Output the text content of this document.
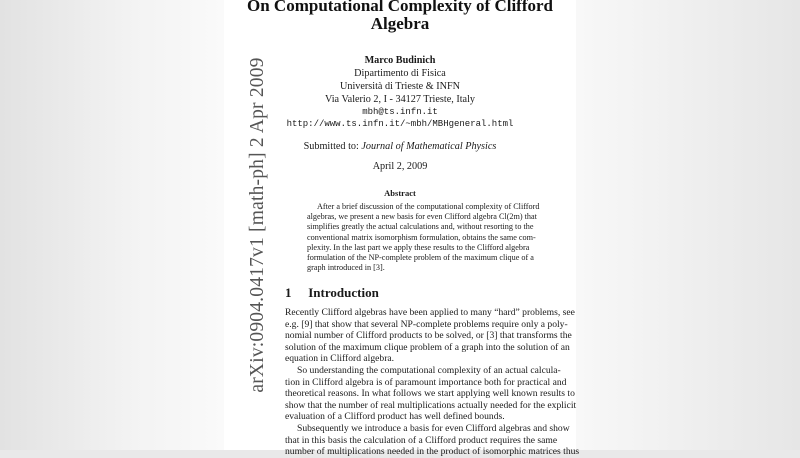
arXiv:0904.0417v1 [math-ph] 2 Apr 2009
On Computational Complexity of Clifford
Algebra
Marco Budinich
Dipartimento di Fisica
Università di Trieste & INFN
Via Valerio 2, I - 34127 Trieste, Italy
mbh@ts.infn.it
http://www.ts.infn.it/~mbh/MBHgeneral.html
Submitted to: Journal of Mathematical Physics
April 2, 2009
Abstract
After a brief discussion of the computational complexity of Clifford
algebras, we present a new basis for even Clifford algebra Cl(2m) that
simplifies greatly the actual calculations and, without resorting to the
conventional matrix isomorphism formulation, obtains the same com-
plexity. In the last part we apply these results to the Clifford algebra
formulation of the NP-complete problem of the maximum clique of a
graph introduced in [3].
1 Introduction
Recently Clifford algebras have been applied to many “hard” problems, see
e.g. [9] that show that several NP-complete problems require only a poly-
nomial number of Clifford products to be solved, or [3] that transforms the
solution of the maximum clique problem of a graph into the solution of an
equation in Clifford algebra.
So understanding the computational complexity of an actual calcula-
tion in Clifford algebra is of paramount importance both for practical and
theoretical reasons. In what follows we start applying well known results to
show that the number of real multiplications actually needed for the explicit
evaluation of a Clifford product has well defined bounds.
Subsequently we introduce a basis for even Clifford algebras and show
that in this basis the calculation of a Clifford product requires the same
number of multiplications needed in the product of isomorphic matrices thus
